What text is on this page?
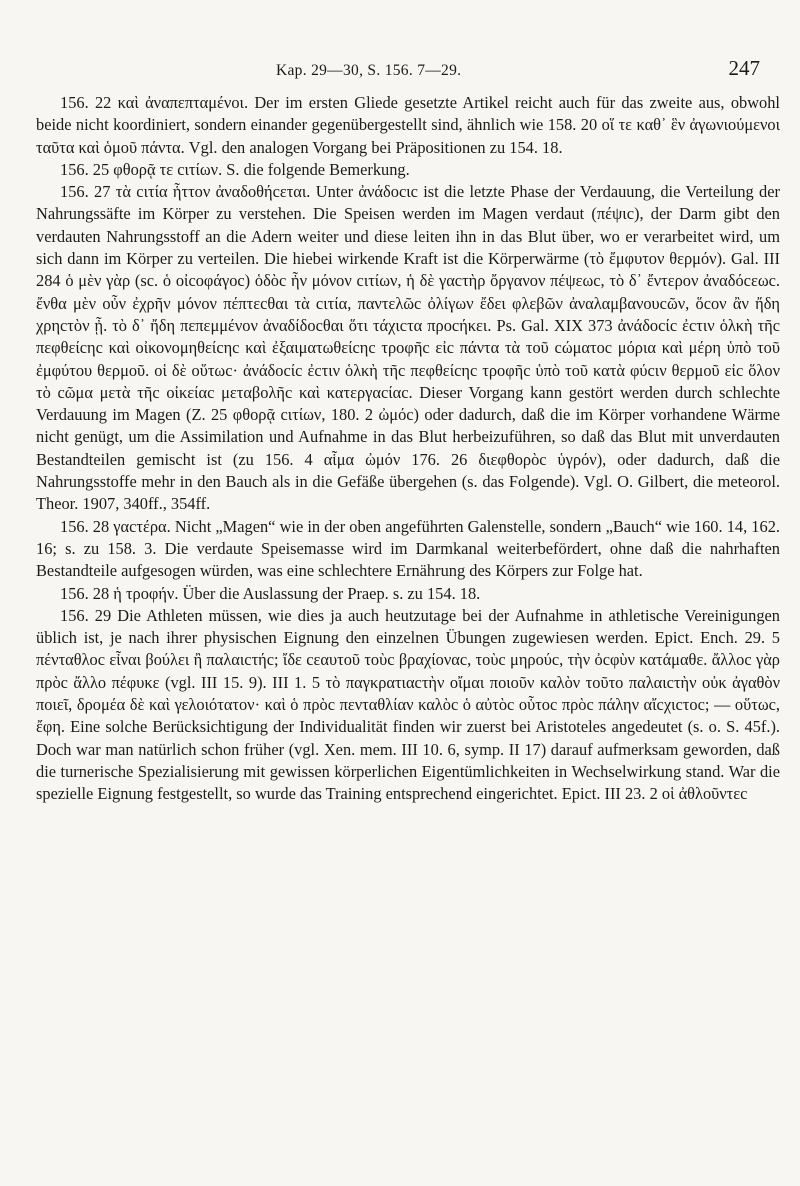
Kap. 29—30, S. 156. 7—29.	247

156. 22 καὶ ἀναπεπταμένοι. Der im ersten Gliede gesetzte Artikel reicht auch für das zweite aus, obwohl beide nicht koordiniert, sondern einander gegenübergestellt sind, ähnlich wie 158. 20 οἵ τε καθ᾿ ἓν ἀγωνιούμενοι ταῦτα καὶ ὁμοῦ πάντα. Vgl. den analogen Vorgang bei Präpositionen zu 154. 18.

156. 25 φθορᾷ τε cιτίων. S. die folgende Bemerkung.

156. 27 τὰ cιτία ἧττον ἀναδοθήcεται. Unter ἀνάδοcιc ist die letzte Phase der Verdauung, die Verteilung der Nahrungssäfte im Körper zu verstehen. Die Speisen werden im Magen verdaut (πέψιc), der Darm gibt den verdauten Nahrungsstoff an die Adern weiter und diese leiten ihn in das Blut über, wo er verarbeitet wird, um sich dann im Körper zu verteilen. Die hiebei wirkende Kraft ist die Körperwärme (τὸ ἔμφυτον θερμόν). Gal. III 284 ὁ μὲν γὰρ (sc. ὁ οἰcοφάγοc) ὁδὸc ἦν μόνον cιτίων, ἡ δὲ γαcτὴρ ὄργανον πέψεωc, τὸ δ᾿ ἔντερον ἀναδόcεωc. ἔνθα μὲν οὖν ἐχρῆν μόνον πέπτεcθαι τὰ cιτία, παντελῶc ὀλίγων ἔδει φλεβῶν ἀναλαμβανουcῶν, ὅcον ἂν ἤδη χρηcτὸν ᾖ. τὸ δ᾿ ἤδη πεπεμμένον ἀναδίδοcθαι ὅτι τάχιcτα προcήκει. Ps. Gal. XIX 373 ἀνάδοcίc ἐcτιν ὁλκὴ τῆc πεφθείcηc καὶ οἰκονομηθείcηc καὶ ἐξαιματωθείcηc τροφῆc εἰc πάντα τὰ τοῦ cώματοc μόρια καὶ μέρη ὑπὸ τοῦ ἐμφύτου θερμοῦ. οἱ δὲ οὕτωc· ἀνάδοcίc ἐcτιν ὁλκὴ τῆc πεφθείcηc τροφῆc ὑπὸ τοῦ κατὰ φύcιν θερμοῦ εἰc ὅλον τὸ cῶμα μετὰ τῆc οἰκείαc μεταβολῆc καὶ κατεργαcίαc. Dieser Vorgang kann gestört werden durch schlechte Verdauung im Magen (Z. 25 φθορᾷ cιτίων, 180. 2 ὠμόc) oder dadurch, daß die im Körper vorhandene Wärme nicht genügt, um die Assimilation und Aufnahme in das Blut herbeizuführen, so daß das Blut mit unverdauten Bestandteilen gemischt ist (zu 156. 4 αἷμα ὠμόν 176. 26 διεφθορὸc ὑγρόν), oder dadurch, daß die Nahrungsstoffe mehr in den Bauch als in die Gefäße übergehen (s. das Folgende). Vgl. O. Gilbert, die meteorol. Theor. 1907, 340ff., 354ff.

156. 28 γαcτέρα. Nicht „Magen“ wie in der oben angeführten Galenstelle, sondern „Bauch“ wie 160. 14, 162. 16; s. zu 158. 3. Die verdaute Speisemasse wird im Darmkanal weiterbefördert, ohne daß die nahrhaften Bestandteile aufgesogen würden, was eine schlechtere Ernährung des Körpers zur Folge hat.

156. 28 ἡ τροφήν. Über die Auslassung der Praep. s. zu 154. 18.

156. 29 Die Athleten müssen, wie dies ja auch heutzutage bei der Aufnahme in athletische Vereinigungen üblich ist, je nach ihrer physischen Eignung den einzelnen Übungen zugewiesen werden. Epict. Ench. 29. 5 πένταθλοc εἶναι βούλει ἢ παλαιcτήc; ἴδε cεαυτοῦ τοὺc βραχίοναc, τοὺc μηρούc, τὴν ὀcφὺν κατάμαθε. ἄλλοc γὰρ πρὸc ἄλλο πέφυκε (vgl. III 15. 9). III 1. 5 τὸ παγκρατιαcτὴν οἴμαι ποιοῦν καλὸν τοῦτο παλαιcτὴν οὐκ ἀγαθὸν ποιεῖ, δρομέα δὲ καὶ γελοιότατον· καὶ ὁ πρὸc πενταθλίαν καλὸc ὁ αὐτὸc οὗτοc πρὸc πάλην αἴcχιcτοc; — οὕτωc, ἔφη. Eine solche Berücksichtigung der Individualität finden wir zuerst bei Aristoteles angedeutet (s. o. S. 45f.). Doch war man natürlich schon früher (vgl. Xen. mem. III 10. 6, symp. II 17) darauf aufmerksam geworden, daß die turnerische Spezialisierung mit gewissen körperlichen Eigentümlichkeiten in Wechselwirkung stand. War die spezielle Eignung festgestellt, so wurde das Training entsprechend eingerichtet. Epict. III 23. 2 οἱ ἀθλοῦντεc
